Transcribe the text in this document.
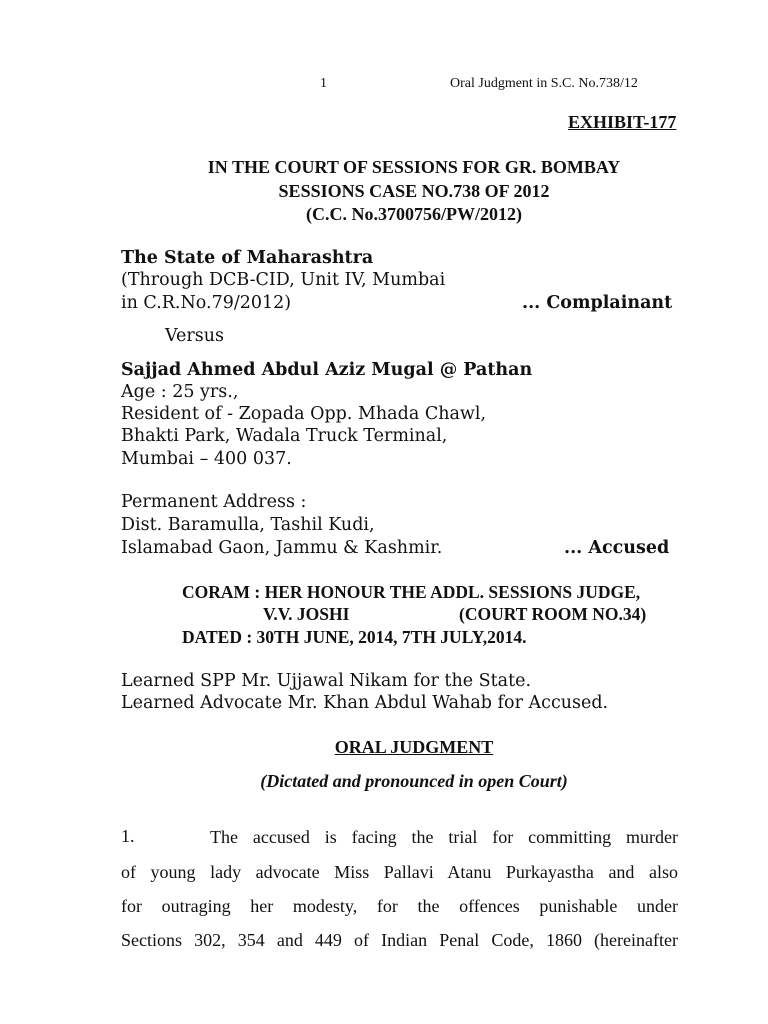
1	Oral Judgment in S.C. No.738/12
EXHIBIT-177
IN THE COURT OF SESSIONS FOR GR. BOMBAY
SESSIONS CASE NO.738 OF 2012
(C.C. No.3700756/PW/2012)
The State of Maharashtra
(Through DCB-CID, Unit IV, Mumbai
in C.R.No.79/2012)	... Complainant
Versus
Sajjad Ahmed Abdul Aziz Mugal @ Pathan
Age : 25 yrs.,
Resident of - Zopada Opp. Mhada Chawl,
Bhakti Park, Wadala Truck Terminal,
Mumbai – 400 037.
Permanent Address :
Dist. Baramulla, Tashil Kudi,
Islamabad Gaon, Jammu & Kashmir.	... Accused
CORAM : HER HONOUR THE ADDL. SESSIONS JUDGE,
V.V. JOSHI	(COURT ROOM NO.34)
DATED : 30TH JUNE, 2014, 7TH JULY,2014.
Learned SPP Mr. Ujjawal Nikam for the State.
Learned Advocate Mr. Khan Abdul Wahab for Accused.
ORAL JUDGMENT
(Dictated and pronounced in open Court)
1.	The accused is facing the trial for committing murder
of young lady advocate Miss Pallavi Atanu Purkayastha and also
for outraging her modesty, for the offences punishable under
Sections 302, 354 and 449 of Indian Penal Code, 1860 (hereinafter
